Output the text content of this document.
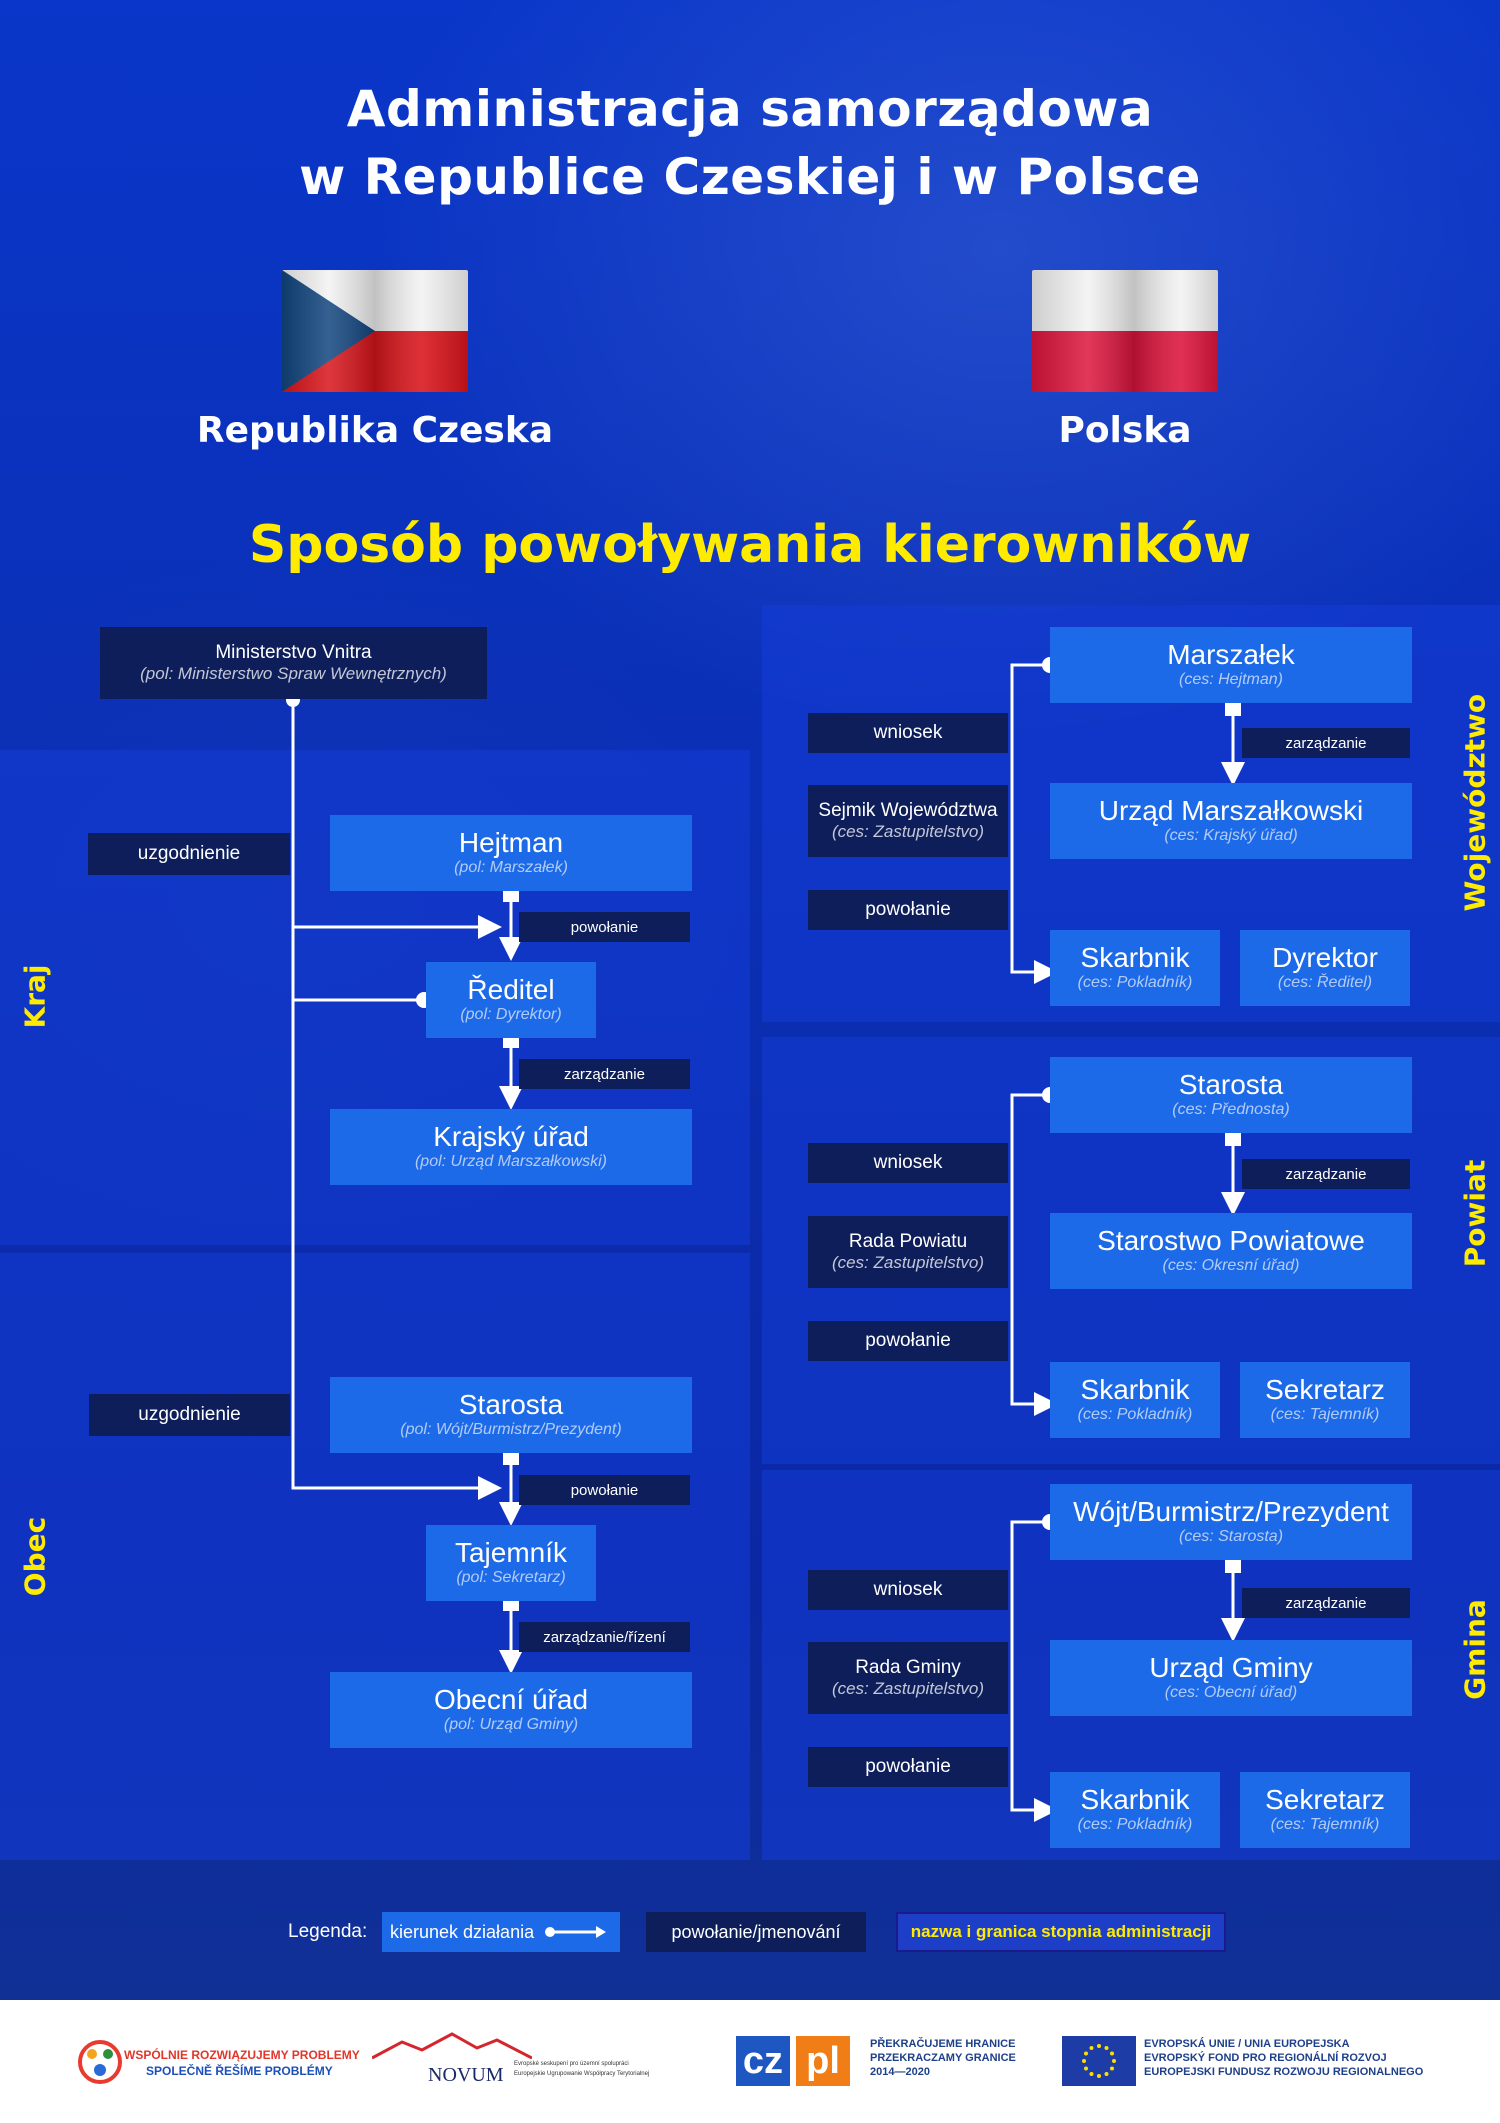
Administracja samorządowa
w Republice Czeskiej i w Polsce
Republika Czeska	Polska
Sposób powoływania kierowników
Kraj
Obec
Województwo
Powiat
Gmina
Ministerstvo Vnitra
(pol: Ministerstwo Spraw Wewnętrznych)
uzgodnienie	Hejtman
(pol: Marszałek)
powołanie
Ředitel
(pol: Dyrektor)
zarządzanie
Krajský úřad
(pol: Urząd Marszałkowski)
uzgodnienie	Starosta
(pol: Wójt/Burmistrz/Prezydent)
powołanie
Tajemník
(pol: Sekretarz)
zarządzanie/řízení
Obecní úřad
(pol: Urząd Gminy)
wniosek
Sejmik Województwa
(ces: Zastupitelstvo)
powołanie
Marszałek
(ces: Hejtman)
zarządzanie
Urząd Marszałkowski
(ces: Krajský úřad)
Skarbnik
(ces: Pokladník)
Dyrektor
(ces: Ředitel)
wniosek
Rada Powiatu
(ces: Zastupitelstvo)
powołanie
Starosta
(ces: Přednosta)
zarządzanie
Starostwo Powiatowe
(ces: Okresní úřad)
Skarbnik
(ces: Pokladník)
Sekretarz
(ces: Tajemník)
wniosek
Rada Gminy
(ces: Zastupitelstvo)
powołanie
Wójt/Burmistrz/Prezydent
(ces: Starosta)
zarządzanie
Urząd Gminy
(ces: Obecní úřad)
Skarbnik
(ces: Pokladník)
Sekretarz
(ces: Tajemník)
Legenda: kierunek działania	powołanie/jmenování	nazwa i granica stopnia administracji
WSPÓLNIE ROZWIĄZUJEMY PROBLEMY
SPOLEČNĚ ŘEŠÍME PROBLÉMY	NOVUM Evropské seskupení pro územní spolupráci
Europejskie Ugrupowanie Współpracy Terytorialnej cz pl	PŘEKRAČUJEME HRANICE
PRZEKRACZAMY GRANICE
2014—2020
EVROPSKÁ UNIE / UNIA EUROPEJSKA
EVROPSKÝ FOND PRO REGIONÁLNÍ ROZVOJ
EUROPEJSKI FUNDUSZ ROZWOJU REGIONALNEGO
